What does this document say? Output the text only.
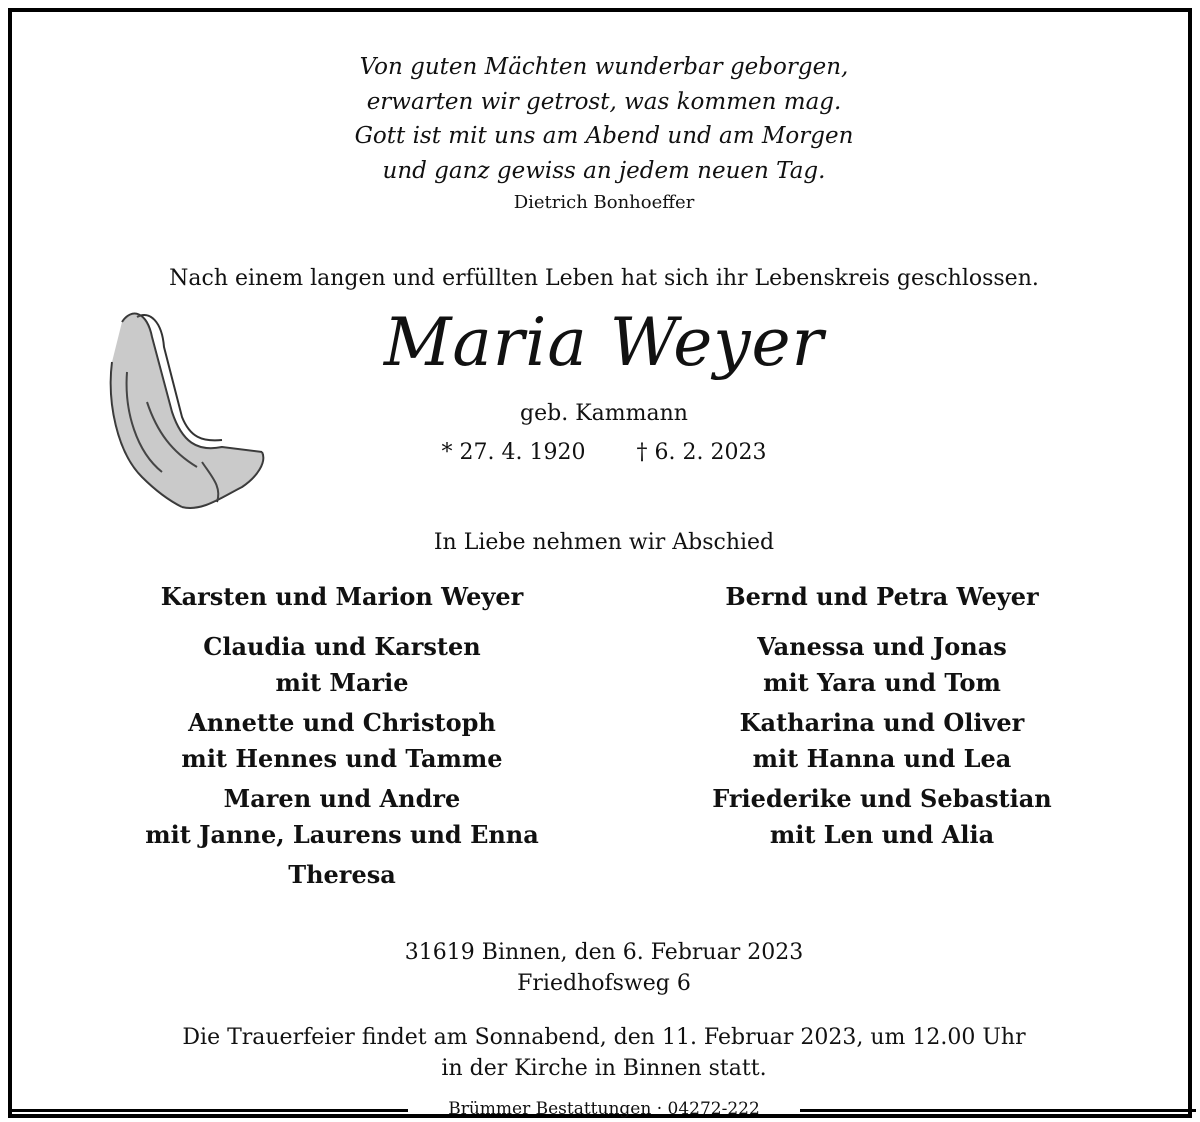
Von guten Mächten wunderbar geborgen,
erwarten wir getrost, was kommen mag.
Gott ist mit uns am Abend und am Morgen
und ganz gewiss an jedem neuen Tag.
Dietrich Bonhoeffer
Nach einem langen und erfüllten Leben hat sich ihr Lebenskreis geschlossen.
Maria Weyer
geb. Kammann
* 27. 4. 1920 † 6. 2. 2023
In Liebe nehmen wir Abschied
Karsten und Marion Weyer
Claudia und Karsten
mit Marie
Annette und Christoph
mit Hennes und Tamme
Maren und Andre
mit Janne, Laurens und Enna
Theresa
Bernd und Petra Weyer
Vanessa und Jonas
mit Yara und Tom
Katharina und Oliver
mit Hanna und Lea
Friederike und Sebastian
mit Len und Alia
31619 Binnen, den 6. Februar 2023
Friedhofsweg 6
Die Trauerfeier findet am Sonnabend, den 11. Februar 2023, um 12.00 Uhr
in der Kirche in Binnen statt.
Brümmer Bestattungen · 04272-222
